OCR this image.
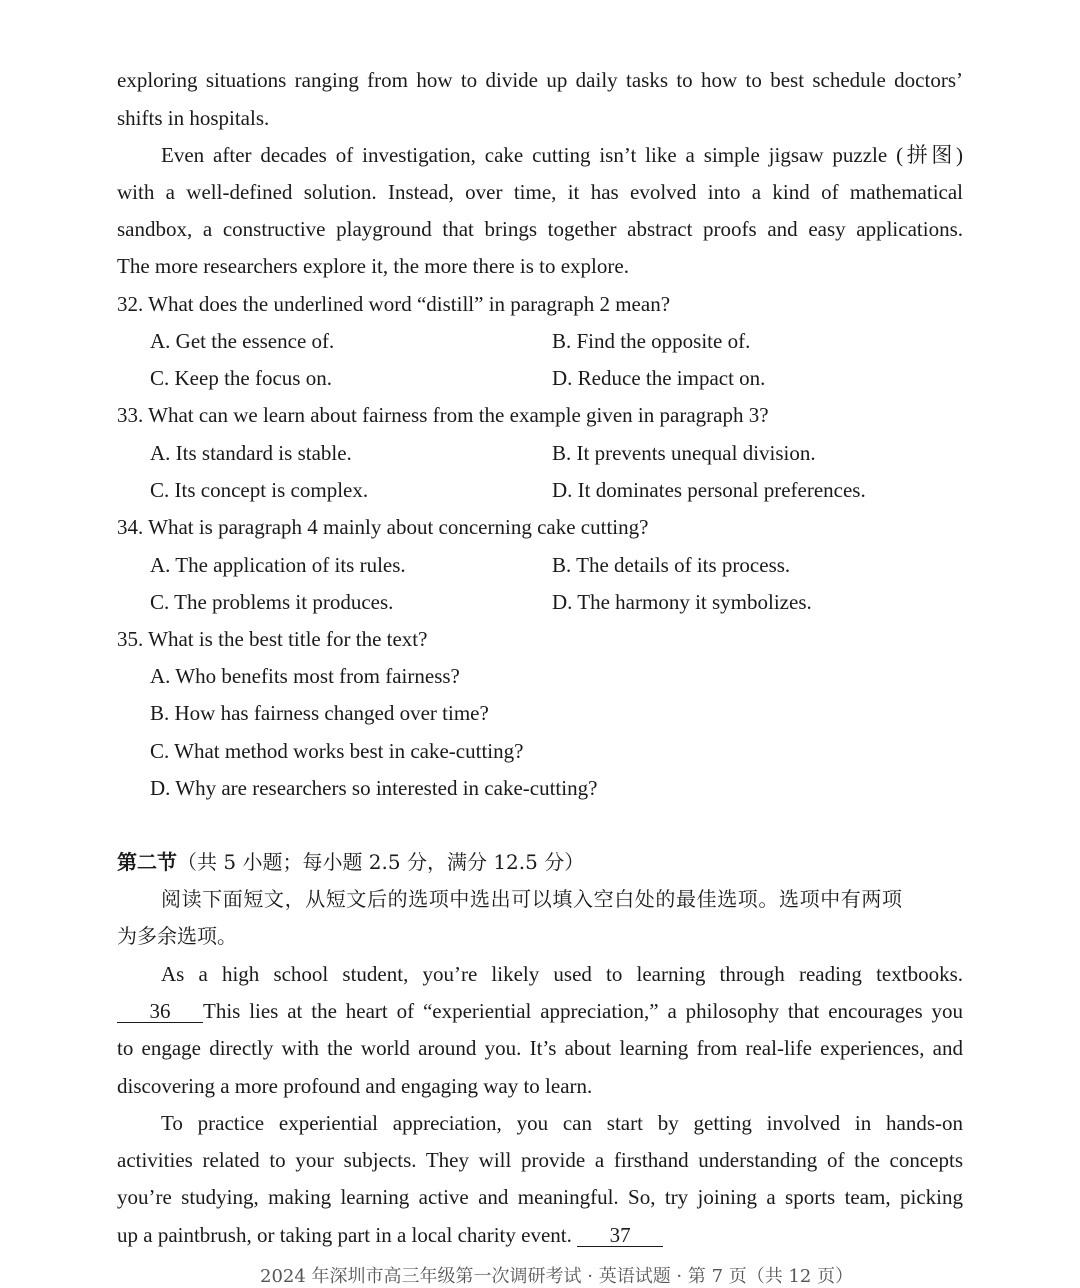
exploring situations ranging from how to divide up daily tasks to how to best schedule doctors’
shifts in hospitals.
Even after decades of investigation, cake cutting isn’t like a simple jigsaw puzzle (拼图)
with a well-defined solution. Instead, over time, it has evolved into a kind of mathematical
sandbox, a constructive playground that brings together abstract proofs and easy applications.
The more researchers explore it, the more there is to explore.
32. What does the underlined word “distill” in paragraph 2 mean?
A. Get the essence of.	B. Find the opposite of.
C. Keep the focus on.	D. Reduce the impact on.
33. What can we learn about fairness from the example given in paragraph 3?
A. Its standard is stable.	B. It prevents unequal division.
C. Its concept is complex.	D. It dominates personal preferences.
34. What is paragraph 4 mainly about concerning cake cutting?
A. The application of its rules.	B. The details of its process.
C. The problems it produces.	D. The harmony it symbolizes.
35. What is the best title for the text?
A. Who benefits most from fairness?
B. How has fairness changed over time?
C. What method works best in cake-cutting?
D. Why are researchers so interested in cake-cutting?
第二节（共 5 小题；每小题 2.5 分，满分 12.5 分）
阅读下面短文，从短文后的选项中选出可以填入空白处的最佳选项。选项中有两项
为多余选项。
As a high school student, you’re likely used to learning through reading textbooks.
36	This lies at the heart of “experiential appreciation,” a philosophy that encourages you
to engage directly with the world around you. It’s about learning from real-life experiences, and
discovering a more profound and engaging way to learn.
To practice experiential appreciation, you can start by getting involved in hands-on
activities related to your subjects. They will provide a firsthand understanding of the concepts
you’re studying, making learning active and meaningful. So, try joining a sports team, picking
up a paintbrush, or taking part in a local charity event. 37
2024 年深圳市高三年级第一次调研考试 · 英语试题 · 第 7 页（共 12 页）
